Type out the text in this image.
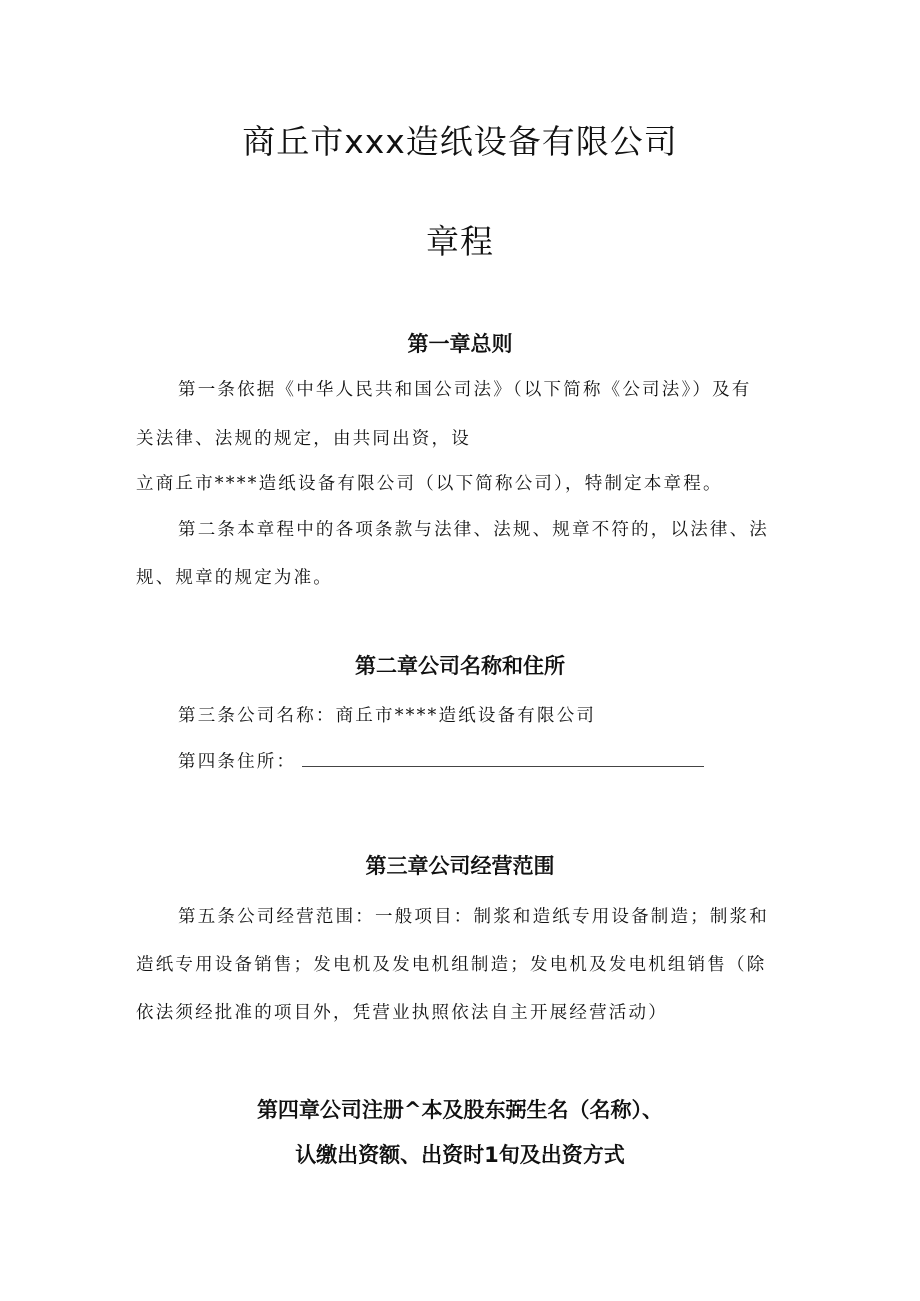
商丘市xxx造纸设备有限公司
章程
第一章总则

第一条依据《中华人民共和国公司法》（以下简称《公司法》）及有

关法律、法规的规定，由共同出资，设

立商丘市****造纸设备有限公司（以下简称公司），特制定本章程。

第二条本章程中的各项条款与法律、法规、规章不符的，以法律、法

规、规章的规定为准。

第二章公司名称和住所

第三条公司名称：商丘市****造纸设备有限公司

第四条住所：

第三章公司经营范围

第五条公司经营范围：一般项目：制浆和造纸专用设备制造；制浆和

造纸专用设备销售；发电机及发电机组制造；发电机及发电机组销售（除

依法须经批准的项目外，凭营业执照依法自主开展经营活动）

第四章公司注册^本及股东弼生名（名称）、
认缴出资额、出资时1旬及出资方式
